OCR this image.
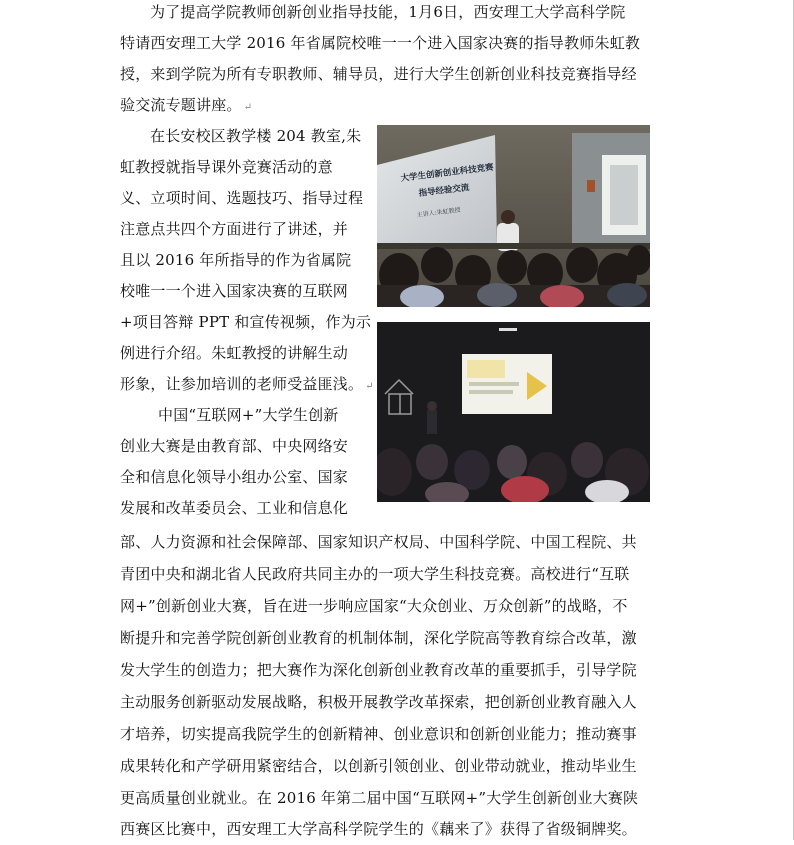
为了提高学院教师创新创业指导技能，1月6日，西安理工大学高科学院
特请西安理工大学 2016 年省属院校唯一一个进入国家决赛的指导教师朱虹教
授，来到学院为所有专职教师、辅导员，进行大学生创新创业科技竞赛指导经
验交流专题讲座。 ↵
在长安校区教学楼 204 教室,朱
虹教授就指导课外竞赛活动的意
义、立项时间、选题技巧、指导过程
注意点共四个方面进行了讲述，并
且以 2016 年所指导的作为省属院
校唯一一个进入国家决赛的互联网
+项目答辩 PPT 和宣传视频，作为示
例进行介绍。朱虹教授的讲解生动
形象，让参加培训的老师受益匪浅。 ↵
中国“互联网+”大学生创新
创业大赛是由教育部、中央网络安
全和信息化领导小组办公室、国家
发展和改革委员会、工业和信息化
部、人力资源和社会保障部、国家知识产权局、中国科学院、中国工程院、共
青团中央和湖北省人民政府共同主办的一项大学生科技竞赛。高校进行“互联
网+”创新创业大赛，旨在进一步响应国家“大众创业、万众创新”的战略，不
断提升和完善学院创新创业教育的机制体制，深化学院高等教育综合改革，激
发大学生的创造力；把大赛作为深化创新创业教育改革的重要抓手，引导学院
主动服务创新驱动发展战略，积极开展教学改革探索，把创新创业教育融入人
才培养，切实提高我院学生的创新精神、创业意识和创新创业能力；推动赛事
成果转化和产学研用紧密结合，以创新引领创业、创业带动就业，推动毕业生
更高质量创业就业。在 2016 年第二届中国“互联网+”大学生创新创业大赛陕
西赛区比赛中，西安理工大学高科学院学生的《藕来了》获得了省级铜牌奖。
大学生创新创业科技竞赛
指导经验交流
主讲人:朱虹教授
